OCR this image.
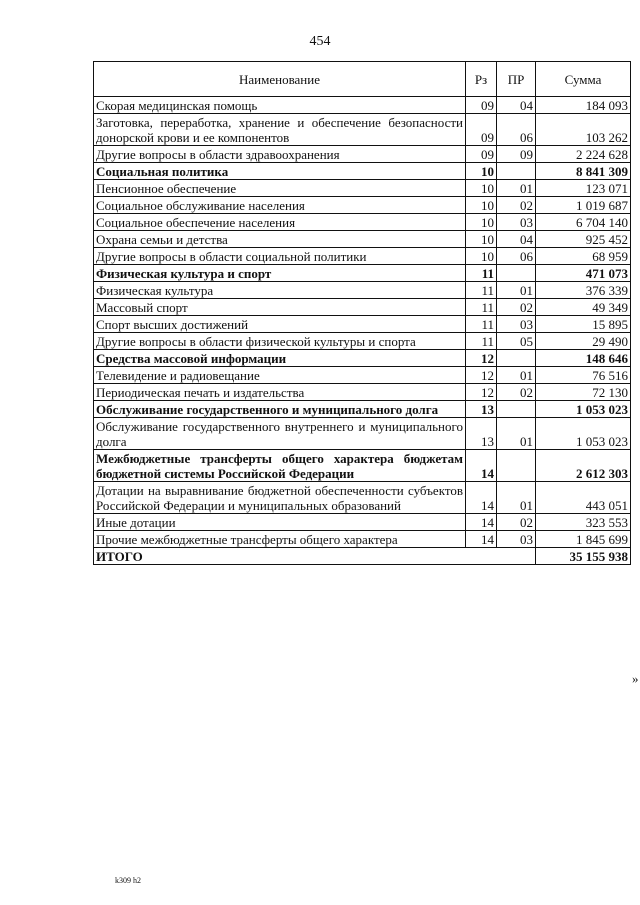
454
Наименование	Рз	ПР	Сумма
Скорая медицинская помощь	09	04	184 093
Заготовка, переработка, хранение и обеспечение безопасности донорской крови и ее компонентов	09	06	103 262
Другие вопросы в области здравоохранения	09	09	2 224 628
Социальная политика	10		8 841 309
Пенсионное обеспечение	10	01	123 071
Социальное обслуживание населения	10	02	1 019 687
Социальное обеспечение населения	10	03	6 704 140
Охрана семьи и детства	10	04	925 452
Другие вопросы в области социальной политики	10	06	68 959
Физическая культура и спорт	11		471 073
Физическая культура	11	01	376 339
Массовый спорт	11	02	49 349
Спорт высших достижений	11	03	15 895
Другие вопросы в области физической культуры и спорта	11	05	29 490
Средства массовой информации	12		148 646
Телевидение и радиовещание	12	01	76 516
Периодическая печать и издательства	12	02	72 130
Обслуживание государственного и муниципального долга	13		1 053 023
Обслуживание государственного внутреннего и муниципального долга	13	01	1 053 023
Межбюджетные трансферты общего характера бюджетам бюджетной системы Российской Федерации	14		2 612 303
Дотации на выравнивание бюджетной обеспеченности субъектов Российской Федерации и муниципальных образований	14	01	443 051
Иные дотации	14	02	323 553
Прочие межбюджетные трансферты общего характера	14	03	1 845 699
ИТОГО			35 155 938
»
k309 h2
